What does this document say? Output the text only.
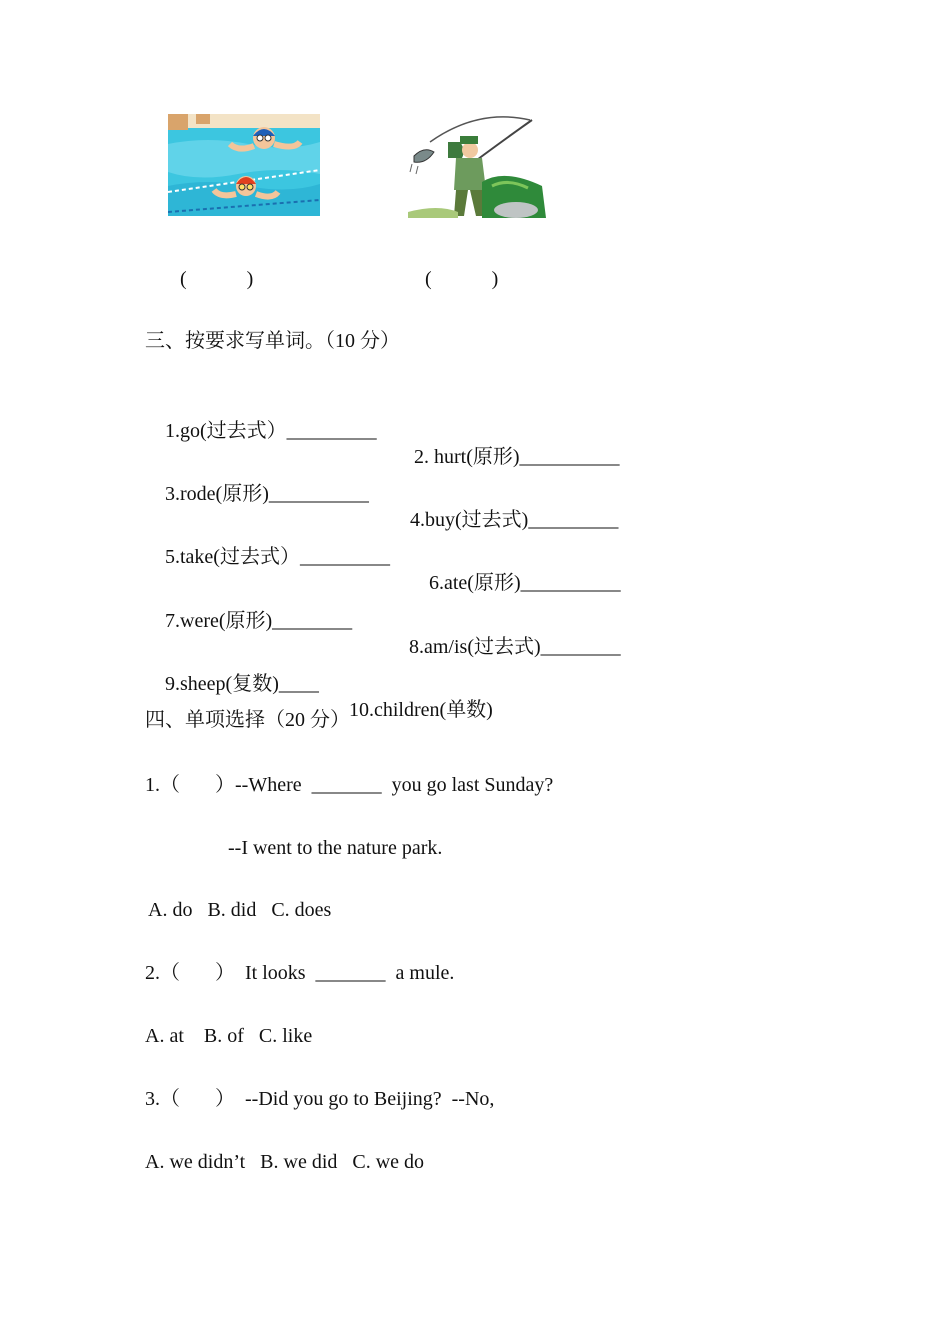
(            )	(            )
三、按要求写单词。（10 分）

1.go(过去式）_________

2. hurt(原形)__________

3.rode(原形)__________

4.buy(过去式)_________

5.take(过去式）_________

6.ate(原形)__________

7.were(原形)________

8.am/is(过去式)________

9.sheep(复数)____

10.children(单数)

四、单项选择（20 分）
1.（       ）--Where  _______  you go last Sunday?
--I went to the nature park.
A. do   B. did   C. does
2.（       ）  It looks  _______  a mule.
A. at    B. of   C. like
3.（       ）  --Did you go to Beijing?  --No,
A. we didn’t   B. we did   C. we do
